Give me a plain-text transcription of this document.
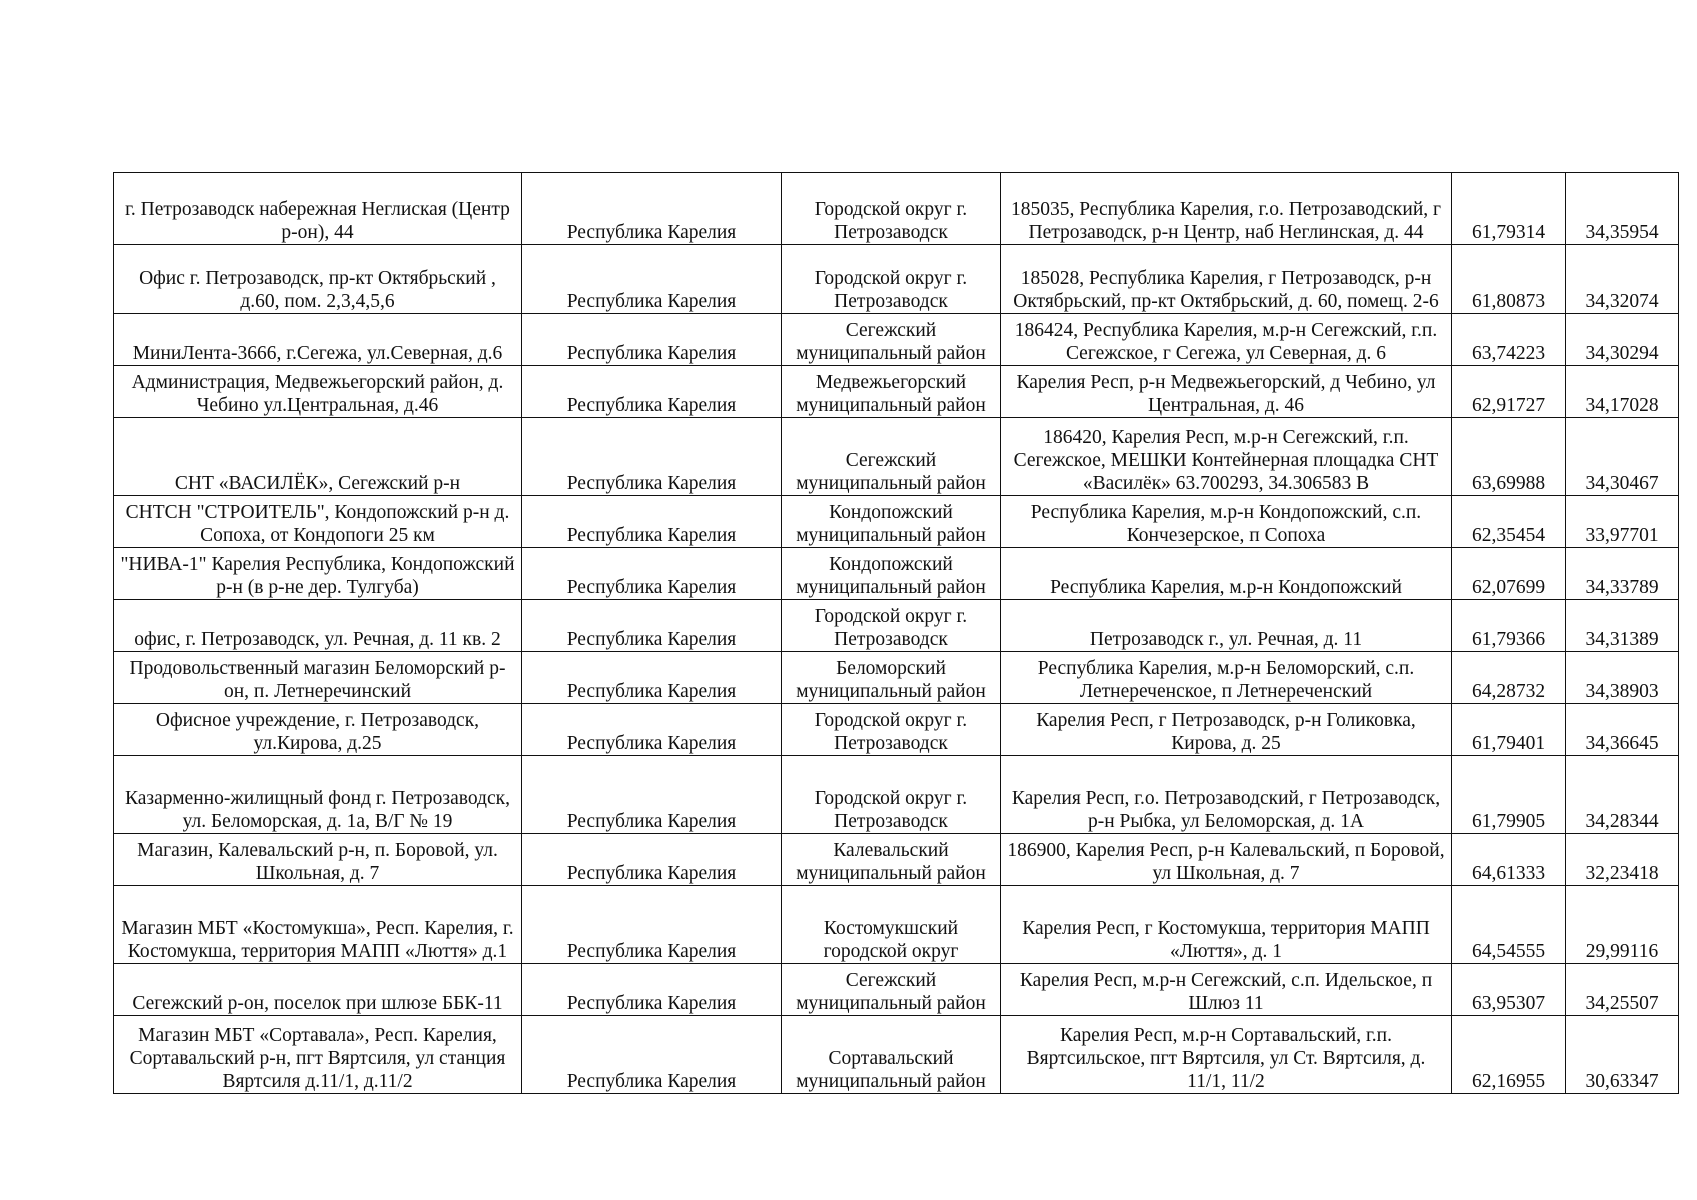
г. Петрозаводск набережная Неглиская (Центр р-он), 44	Республика Карелия	Городской округ г. Петрозаводск	185035, Республика Карелия, г.о. Петрозаводский, г Петрозаводск, р-н Центр, наб Неглинская, д. 44	61,79314	34,35954
Офис г. Петрозаводск, пр-кт Октябрьский , д.60, пом. 2,3,4,5,6	Республика Карелия	Городской округ г. Петрозаводск	185028, Республика Карелия, г Петрозаводск, р-н Октябрьский, пр-кт Октябрьский, д. 60, помещ. 2-6	61,80873	34,32074
МиниЛента-3666, г.Сегежа, ул.Северная, д.6	Республика Карелия	Сегежский муниципальный район	186424, Республика Карелия, м.р-н Сегежский, г.п. Сегежское, г Сегежа, ул Северная, д. 6	63,74223	34,30294
Администрация, Медвежьегорский район, д. Чебино ул.Центральная, д.46	Республика Карелия	Медвежьегорский муниципальный район	Карелия Респ, р-н Медвежьегорский, д Чебино, ул Центральная, д. 46	62,91727	34,17028
СНТ «ВАСИЛЁК», Сегежский р-н	Республика Карелия	Сегежский муниципальный район	186420, Карелия Респ, м.р-н Сегежский, г.п. Сегежское, МЕШКИ Контейнерная площадка СНТ «Василёк» 63.700293, 34.306583 В	63,69988	34,30467
СНТСН "СТРОИТЕЛЬ", Кондопожский р-н д. Сопоха, от Кондопоги 25 км	Республика Карелия	Кондопожский муниципальный район	Республика Карелия, м.р-н Кондопожский, с.п. Кончезерское, п Сопоха	62,35454	33,97701
"НИВА-1" Карелия Республика, Кондопожский р-н (в р-не дер. Тулгуба)	Республика Карелия	Кондопожский муниципальный район	Республика Карелия, м.р-н Кондопожский	62,07699	34,33789
офис, г. Петрозаводск, ул. Речная, д. 11 кв. 2	Республика Карелия	Городской округ г. Петрозаводск	Петрозаводск г., ул. Речная, д. 11	61,79366	34,31389
Продовольственный магазин Беломорский р-он, п. Летнеречинский	Республика Карелия	Беломорский муниципальный район	Республика Карелия, м.р-н Беломорский, с.п. Летнереченское, п Летнереченский	64,28732	34,38903
Офисное учреждение, г. Петрозаводск, ул.Кирова, д.25	Республика Карелия	Городской округ г. Петрозаводск	Карелия Респ, г Петрозаводск, р-н Голиковка, Кирова, д. 25	61,79401	34,36645
Казарменно-жилищный фонд г. Петрозаводск, ул. Беломорская, д. 1а, В/Г № 19	Республика Карелия	Городской округ г. Петрозаводск	Карелия Респ, г.о. Петрозаводский, г Петрозаводск, р-н Рыбка, ул Беломорская, д. 1А	61,79905	34,28344
Магазин, Калевальский р-н, п. Боровой, ул. Школьная, д. 7	Республика Карелия	Калевальский муниципальный район	186900, Карелия Респ, р-н Калевальский, п Боровой, ул Школьная, д. 7	64,61333	32,23418
Магазин МБТ «Костомукша», Респ. Карелия, г. Костомукша, территория МАПП «Люття» д.1	Республика Карелия	Костомукшский городской округ	Карелия Респ, г Костомукша, территория МАПП «Люття», д. 1	64,54555	29,99116
Сегежский р-он, поселок при шлюзе ББК-11	Республика Карелия	Сегежский муниципальный район	Карелия Респ, м.р-н Сегежский, с.п. Идельское, п Шлюз 11	63,95307	34,25507
Магазин МБТ «Сортавала», Респ. Карелия, Сортавальский р-н, пгт Вяртсиля, ул станция Вяртсиля д.11/1, д.11/2	Республика Карелия	Сортавальский муниципальный район	Карелия Респ, м.р-н Сортавальский, г.п. Вяртсильское, пгт Вяртсиля, ул Ст. Вяртсиля, д. 11/1, 11/2	62,16955	30,63347
